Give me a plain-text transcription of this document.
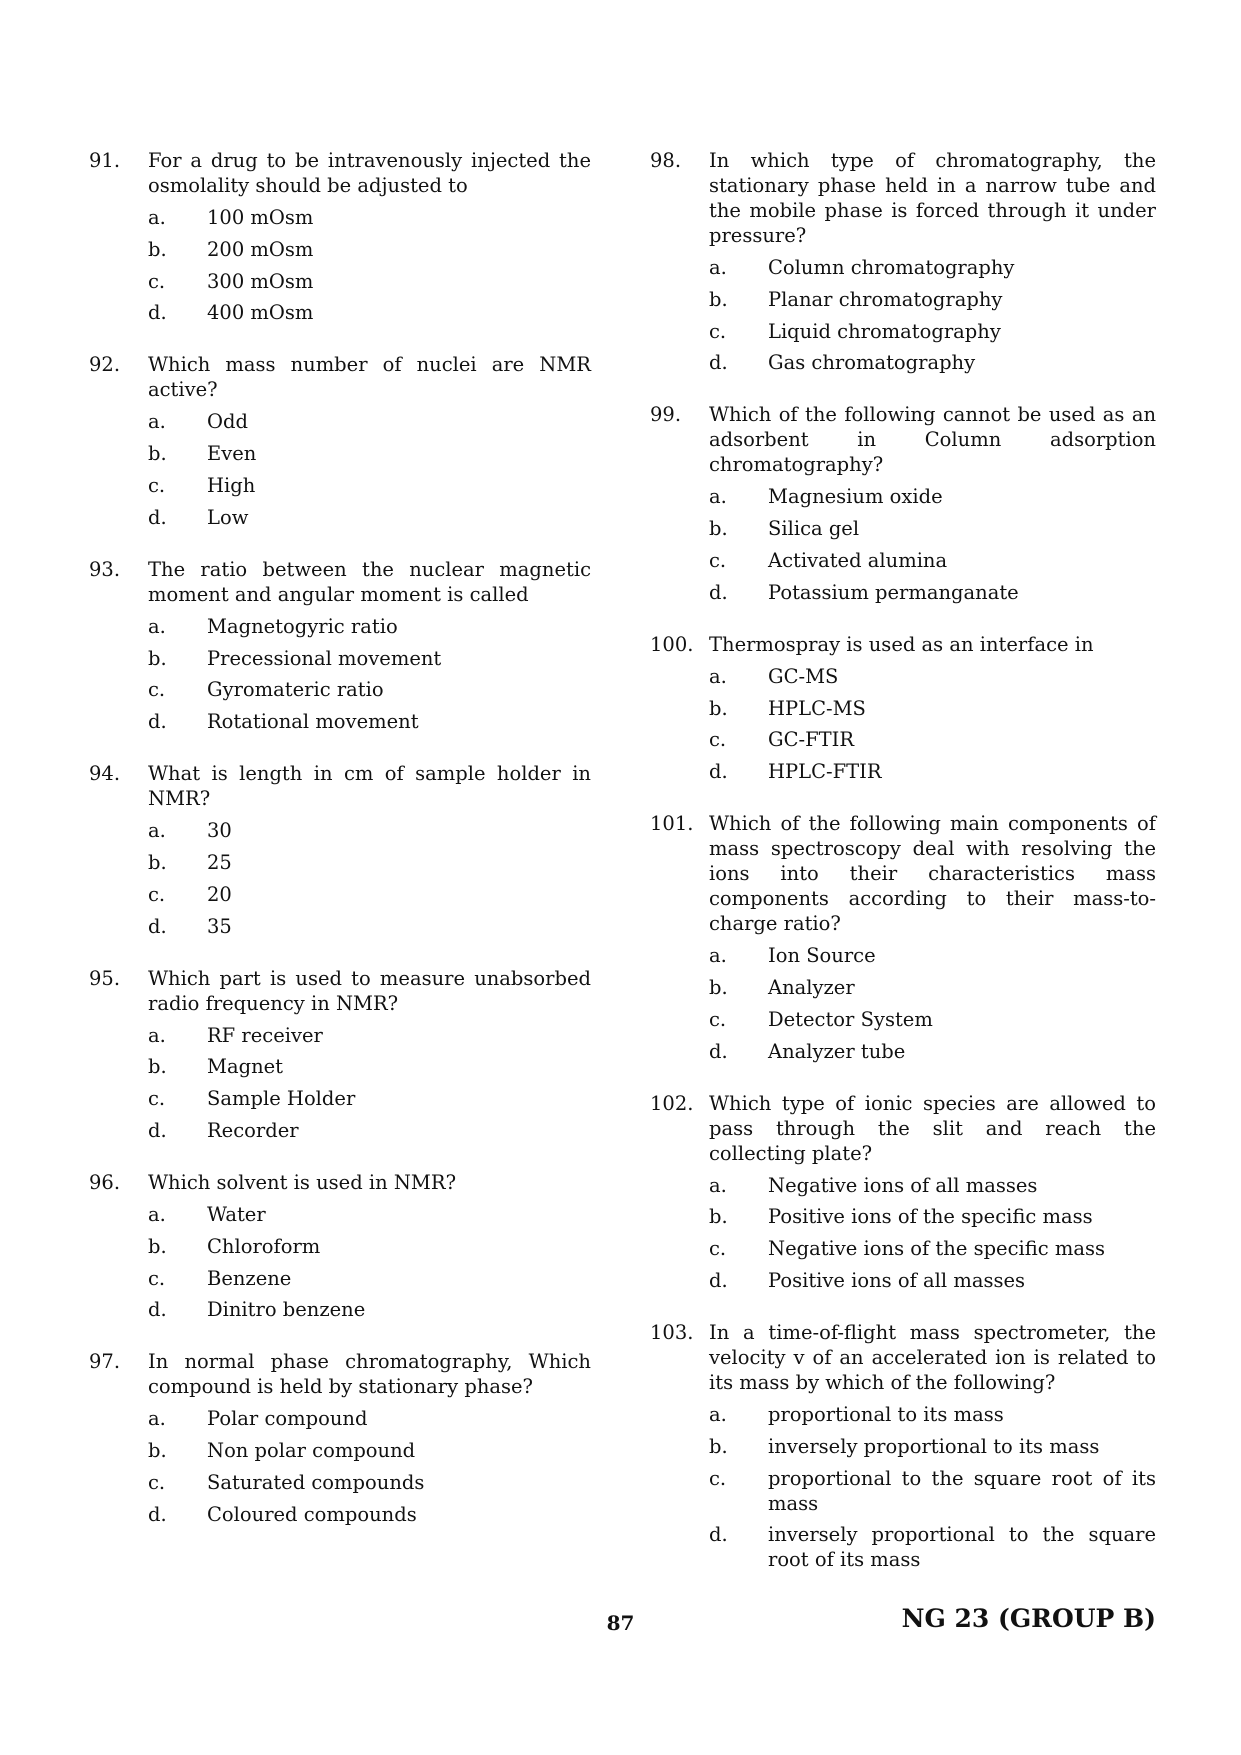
91.	For a drug to be intravenously injected the osmolality should be adjusted to
a.	100 mOsm
b.	200 mOsm
c.	300 mOsm
d.	400 mOsm
92.	Which mass number of nuclei are NMR active?
a.	Odd
b.	Even
c.	High
d.	Low
93.	The ratio between the nuclear magnetic moment and angular moment is called
a.	Magnetogyric ratio
b.	Precessional movement
c.	Gyromateric ratio
d.	Rotational movement
94.	What is length in cm of sample holder in NMR?
a.	30
b.	25
c.	20
d.	35
95.	Which part is used to measure unabsorbed radio frequency in NMR?
a.	RF receiver
b.	Magnet
c.	Sample Holder
d.	Recorder
96.	Which solvent is used in NMR?
a.	Water
b.	Chloroform
c.	Benzene
d.	Dinitro benzene
97.	In normal phase chromatography, Which compound is held by stationary phase?
a.	Polar compound
b.	Non polar compound
c.	Saturated compounds
d.	Coloured compounds
98.	In which type of chromatography, the stationary phase held in a narrow tube and the mobile phase is forced through it under pressure?
a.	Column chromatography
b.	Planar chromatography
c.	Liquid chromatography
d.	Gas chromatography
99.	Which of the following cannot be used as an adsorbent in Column adsorption chromatography?
a.	Magnesium oxide
b.	Silica gel
c.	Activated alumina
d.	Potassium permanganate
100. Thermospray is used as an interface in
a.	GC-MS
b.	HPLC-MS
c.	GC-FTIR
d.	HPLC-FTIR
101. Which of the following main components of mass spectroscopy deal with resolving the ions into their characteristics mass components according to their mass-to-charge ratio?
a.	Ion Source
b.	Analyzer
c.	Detector System
d.	Analyzer tube
102. Which type of ionic species are allowed to pass through the slit and reach the collecting plate?
a.	Negative ions of all masses
b.	Positive ions of the specific mass
c.	Negative ions of the specific mass
d.	Positive ions of all masses
103. In a time-of-flight mass spectrometer, the velocity v of an accelerated ion is related to its mass by which of the following?
a.	proportional to its mass
b.	inversely proportional to its mass
c.	proportional to the square root of its mass
d.	inversely proportional to the square root of its mass
87	NG 23 (GROUP B)
